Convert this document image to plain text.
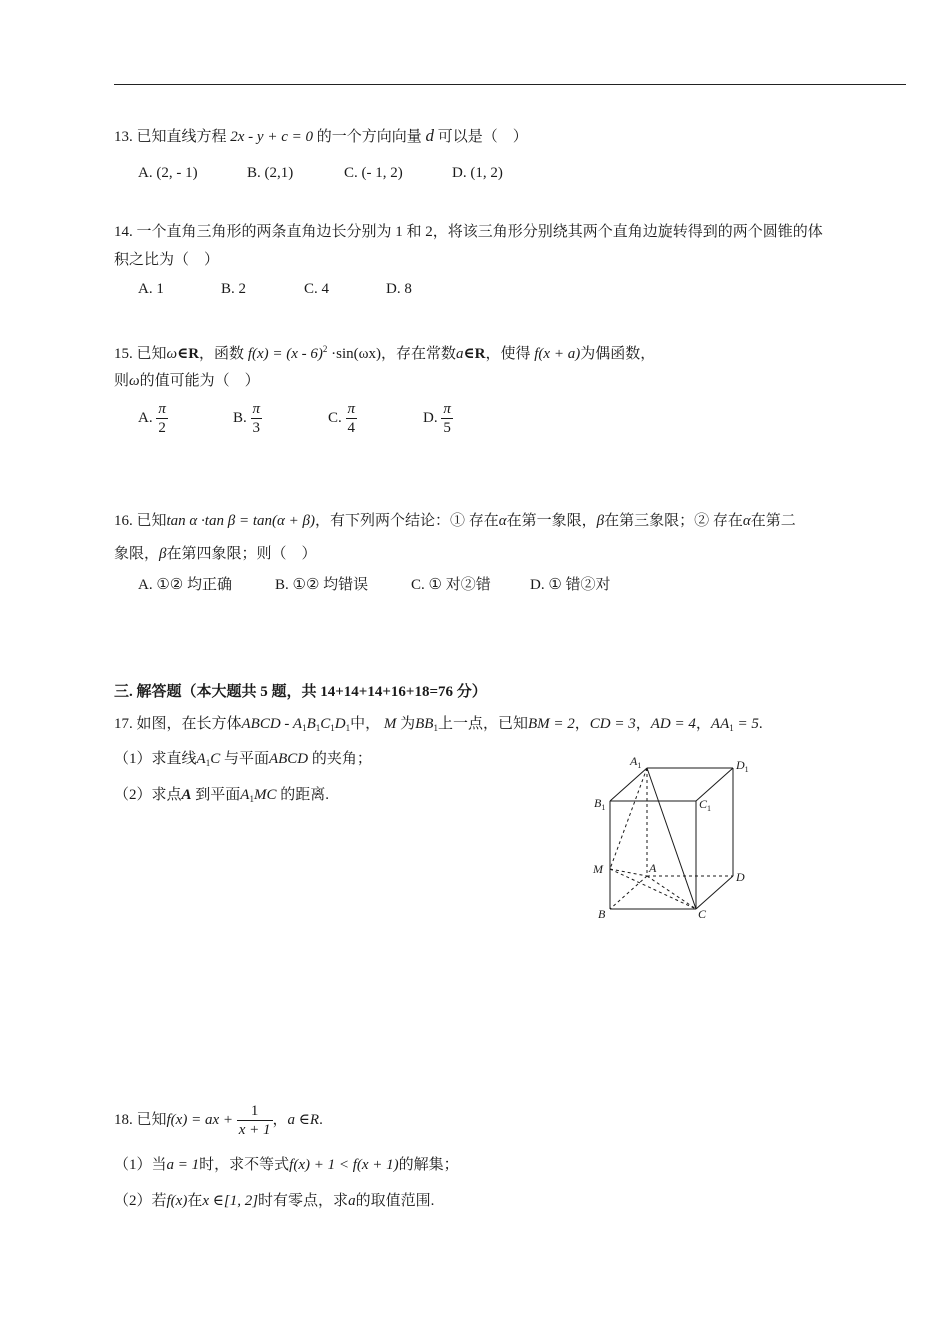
13. 已知直线方程 2x - y + c = 0 的一个方向向量 d 可以是（　）
A. (2, - 1)	B. (2,1)	C. (- 1, 2)	D. (1, 2)
14. 一个直角三角形的两条直角边长分别为 1 和 2，将该三角形分别绕其两个直角边旋转得到的两个圆锥的体
积之比为（　）
A. 1	B. 2	C. 4	D. 8
15. 已知ω∈R，函数 f(x) = (x - 6)$^2$ ·sin(ωx)，存在常数a∈R，使得 f(x + a)为偶函数，
则ω的值可能为（　）
A. $\frac{\pi}{2}$	B. $\frac{\pi}{3}$	C. $\frac{\pi}{4}$	D. $\frac{\pi}{5}$
16. 已知tan α ·tan β = tan(α + β)，有下列两个结论：① 存在α在第一象限，β在第三象限；② 存在α在第二
象限，β在第四象限；则（　）
A. ①② 均正确	B. ①② 均错误	C. ① 对②错	D. ① 错②对
三. 解答题（本大题共 5 题，共 14+14+14+16+18=76 分）
17. 如图，在长方体ABCD - $A_1B_1C_1D_1$中， M 为$BB_1$上一点，已知BM = 2，CD = 3，AD = 4，$AA_1 = 5$.
（1）求直线$A_1C$ 与平面ABCD 的夹角；
（2）求点A 到平面$A_1MC$ 的距离.
$A_1$	$D_1$
$B_1$	$C_1$
M	A
D
B	C
18. 已知f(x) = ax + $\frac{1}{x + 1}$ ，a ∈R.
（1）当a = 1时，求不等式f(x) + 1 < f(x + 1)的解集；
（2）若f(x)在x ∈[1, 2]时有零点，求a的取值范围.
